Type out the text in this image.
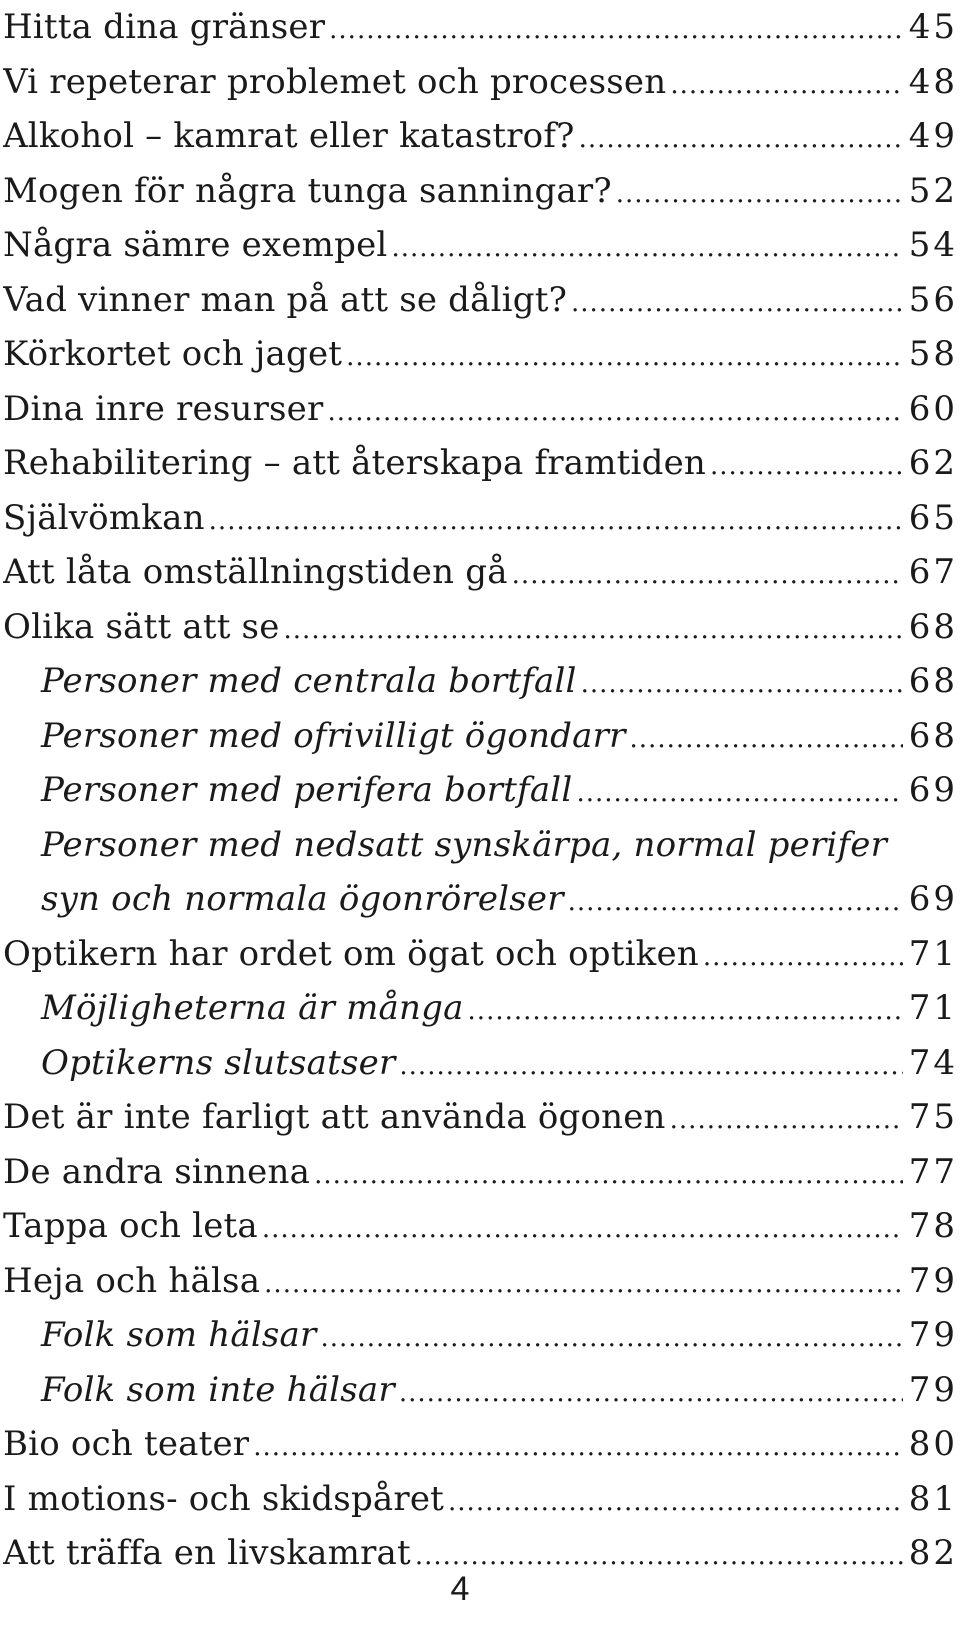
Hitta dina gränser .....	45
Vi repeterar problemet och processen .....	48
Alkohol – kamrat eller katastrof? .....	49
Mogen för några tunga sanningar? .....	52
Några sämre exempel .....	54
Vad vinner man på att se dåligt? .....	56
Körkortet och jaget .....	58
Dina inre resurser .....	60
Rehabilitering – att återskapa framtiden .....	62
Självömkan .....	65
Att låta omställningstiden gå .....	67
Olika sätt att se .....	68
Personer med centrala bortfall .....	68
Personer med ofrivilligt ögondarr .....	68
Personer med perifera bortfall .....	69
Personer med nedsatt synskärpa, normal perifer
syn och normala ögonrörelser .....	69
Optikern har ordet om ögat och optiken .....	71
Möjligheterna är många .....	71
Optikerns slutsatser .....	74
Det är inte farligt att använda ögonen .....	75
De andra sinnena .....	77
Tappa och leta .....	78
Heja och hälsa .....	79
Folk som hälsar .....	79
Folk som inte hälsar .....	79
Bio och teater .....	80
I motions- och skidspåret .....	81
Att träffa en livskamrat .....	82
4
